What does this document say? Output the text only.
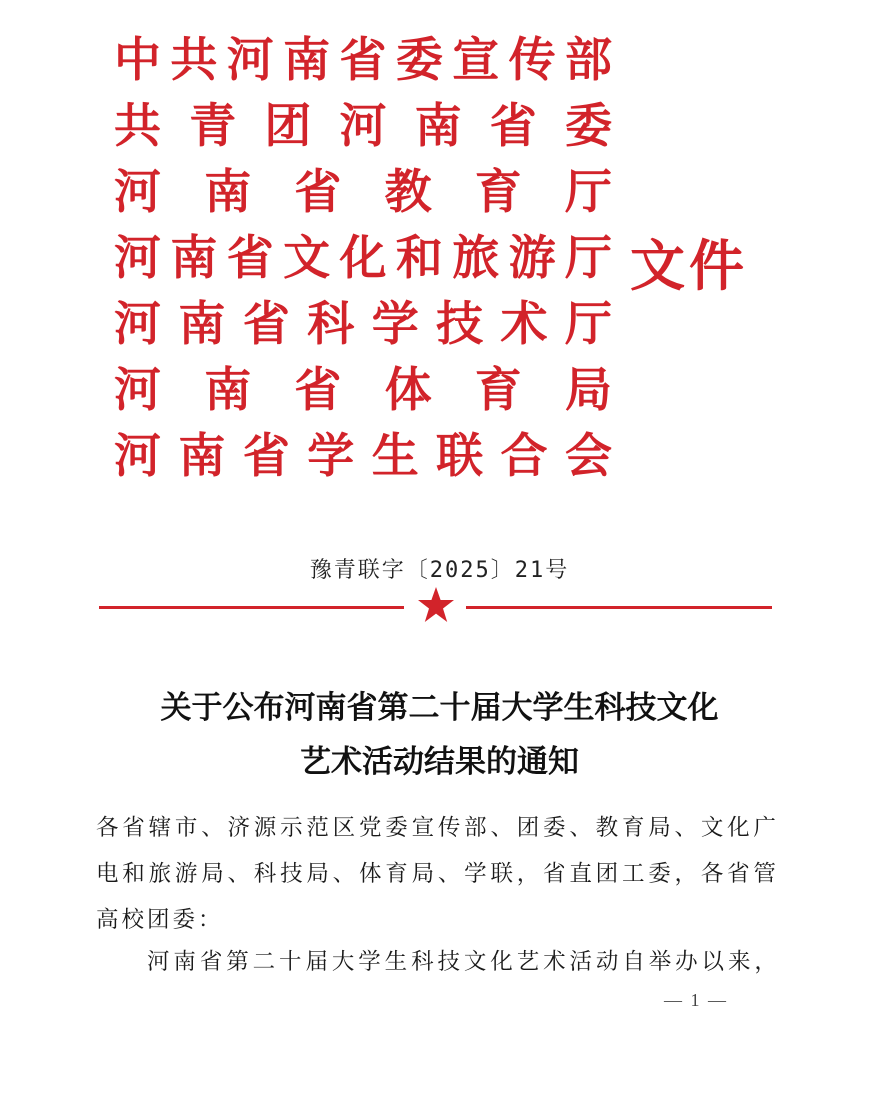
中 共 河 南 省 委 宣 传 部
共 青 团 河 南 省 委
河 南 省 教 育 厅
河 南 省 文 化 和 旅 游 厅
河 南 省 科 学 技 术 厅
河 南 省 体 育 局
河 南 省 学 生 联 合 会
文件
豫青联字〔2025〕21号
关于公布河南省第二十届大学生科技文化
艺术活动结果的通知
各 省 辖 市 、 济 源 示 范 区 党 委 宣 传 部 、 团 委 、 教 育 局 、 文 化 广
电 和 旅 游 局 、 科 技 局 、 体 育 局 、 学 联 ， 省 直 团 工 委 ， 各 省 管
高校团委：
河 南 省 第 二 十 届 大 学 生 科 技 文 化 艺 术 活 动 自 举 办 以 来 ，
— 1 —
